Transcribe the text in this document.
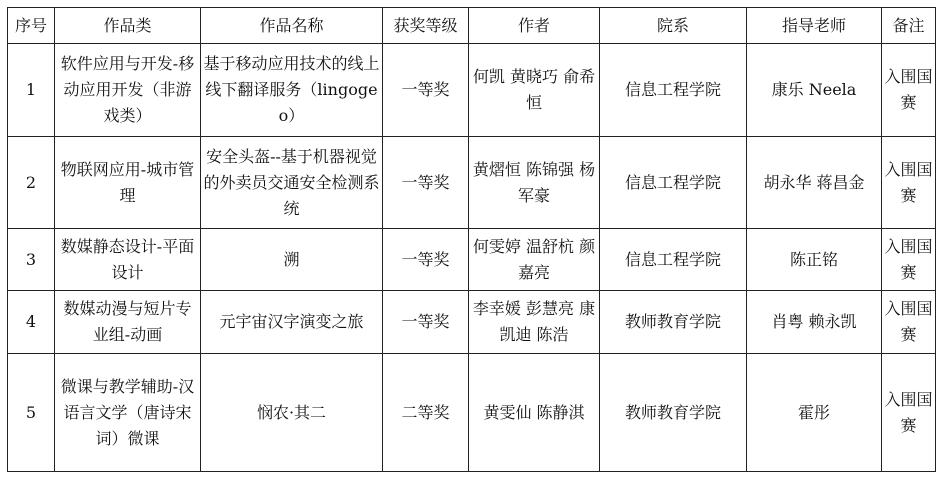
序号	作品类	作品名称	获奖等级	作者	院系	指导老师	备注
1	软件应用与开发-移动应用开发（非游戏类）	基于移动应用技术的线上线下翻译服务（lingogeo）	一等奖	何凯 黄晓巧 俞希恒	信息工程学院	康乐 Neela	入围国赛
2	物联网应用-城市管理	安全头盔--基于机器视觉的外卖员交通安全检测系统	一等奖	黄熠恒 陈锦强 杨军豪	信息工程学院	胡永华 蒋昌金	入围国赛
3	数媒静态设计-平面设计	溯	一等奖	何雯婷 温舒杭 颜嘉亮	信息工程学院	陈正铭	入围国赛
4	数媒动漫与短片专业组-动画	元宇宙汉字演变之旅	一等奖	李幸媛 彭慧亮 康凯迪 陈浩	教师教育学院	肖粤 赖永凯	入围国赛
5	微课与教学辅助-汉语言文学（唐诗宋词）微课	悯农·其二	二等奖	黄雯仙 陈静淇	教师教育学院	霍彤	入围国赛
